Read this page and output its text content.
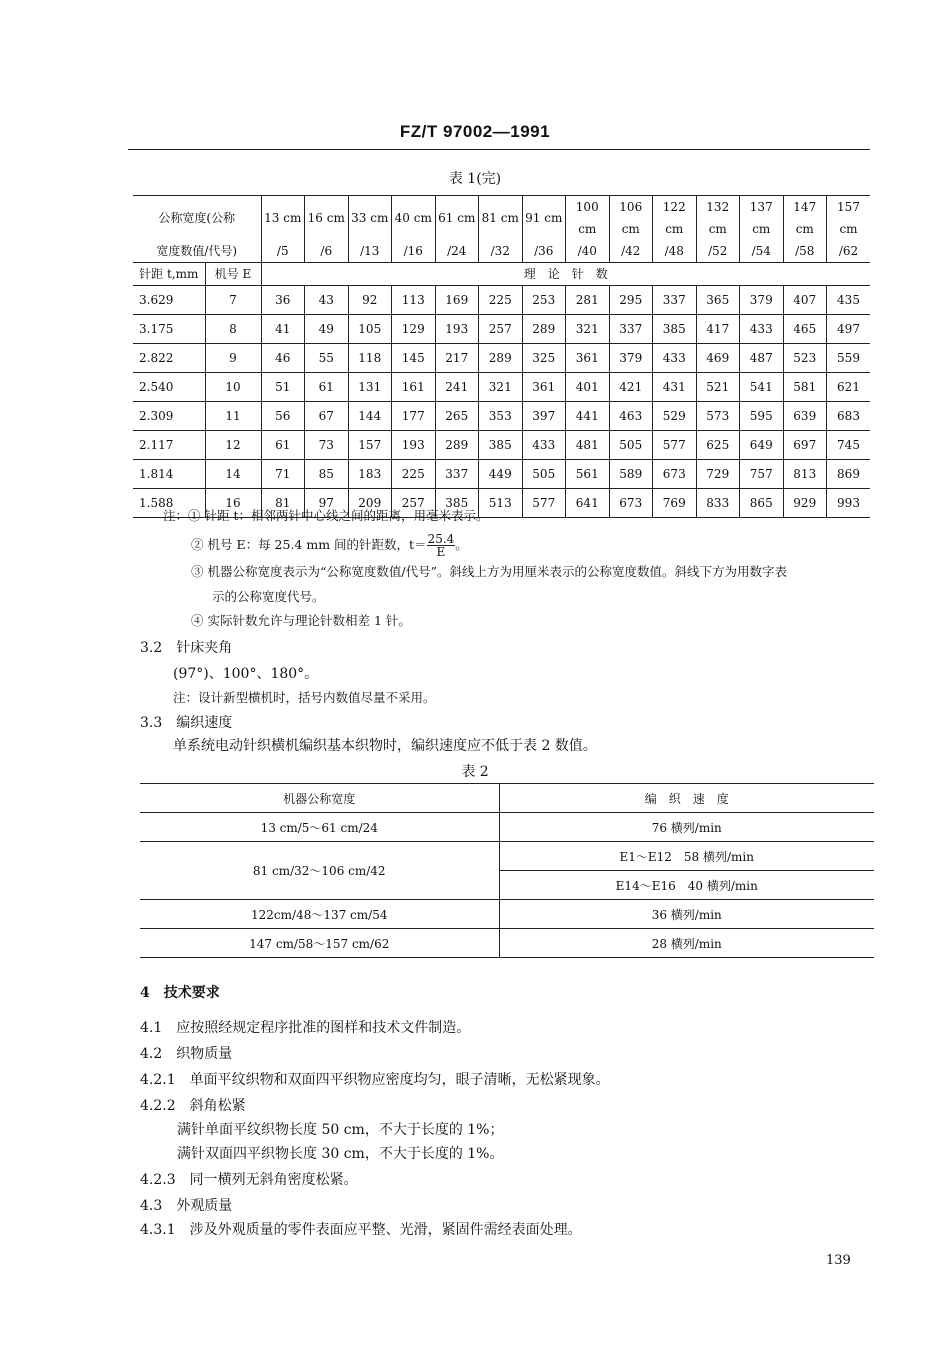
FZ/T 97002—1991
表 1(完)
公称宽度(公称		13 cm	16 cm	33 cm	40 cm	61 cm	81 cm	91 cm	100 cm	106 cm	122 cm	132 cm	137 cm	147 cm	157 cm
宽度数值/代号)		/5	/6	/13	/16	/24	/32	/36	/40	/42	/48	/52	/54	/58	/62
针距 t,mm	机号 E	理　论　针　数													
3.629	7	36	43	92	113	169	225	253	281	295	337	365	379	407	435
3.175	8	41	49	105	129	193	257	289	321	337	385	417	433	465	497
2.822	9	46	55	118	145	217	289	325	361	379	433	469	487	523	559
2.540	10	51	61	131	161	241	321	361	401	421	431	521	541	581	621
2.309	11	56	67	144	177	265	353	397	441	463	529	573	595	639	683
2.117	12	61	73	157	193	289	385	433	481	505	577	625	649	697	745
1.814	14	71	85	183	225	337	449	505	561	589	673	729	757	813	869
1.588	16	81	97	209	257	385	513	577	641	673	769	833	865	929	993
注：① 针距 t：相邻两针中心线之间的距离，用毫米表示。
② 机号 E：每 25.4 mm 间的针距数，$t= \frac{25.4}{E}$ 。
③ 机器公称宽度表示为“公称宽度数值/代号”。斜线上方为用厘米表示的公称宽度数值。斜线下方为用数字表
示的公称宽度代号。
④ 实际针数允许与理论针数相差 1 针。
3.2　针床夹角
(97°)、100°、180°。
注：设计新型横机时，括号内数值尽量不采用。
3.3　编织速度
单系统电动针织横机编织基本织物时，编织速度应不低于表 2 数值。
表 2
机器公称宽度	编　织　速　度
13 cm/5～61 cm/24	76 横列/min
81 cm/32～106 cm/42	E1～E12　58 横列/min
	E14～E16　40 横列/min
122cm/48～137 cm/54	36 横列/min
147 cm/58～157 cm/62	28 横列/min
4　技术要求
4.1　应按照经规定程序批准的图样和技术文件制造。
4.2　织物质量
4.2.1　单面平纹织物和双面四平织物应密度均匀，眼子清晰，无松紧现象。
4.2.2　斜角松紧
满针单面平纹织物长度 50 cm，不大于长度的 1%；
满针双面四平织物长度 30 cm，不大于长度的 1%。
4.2.3　同一横列无斜角密度松紧。
4.3　外观质量
4.3.1　涉及外观质量的零件表面应平整、光滑，紧固件需经表面处理。
139
